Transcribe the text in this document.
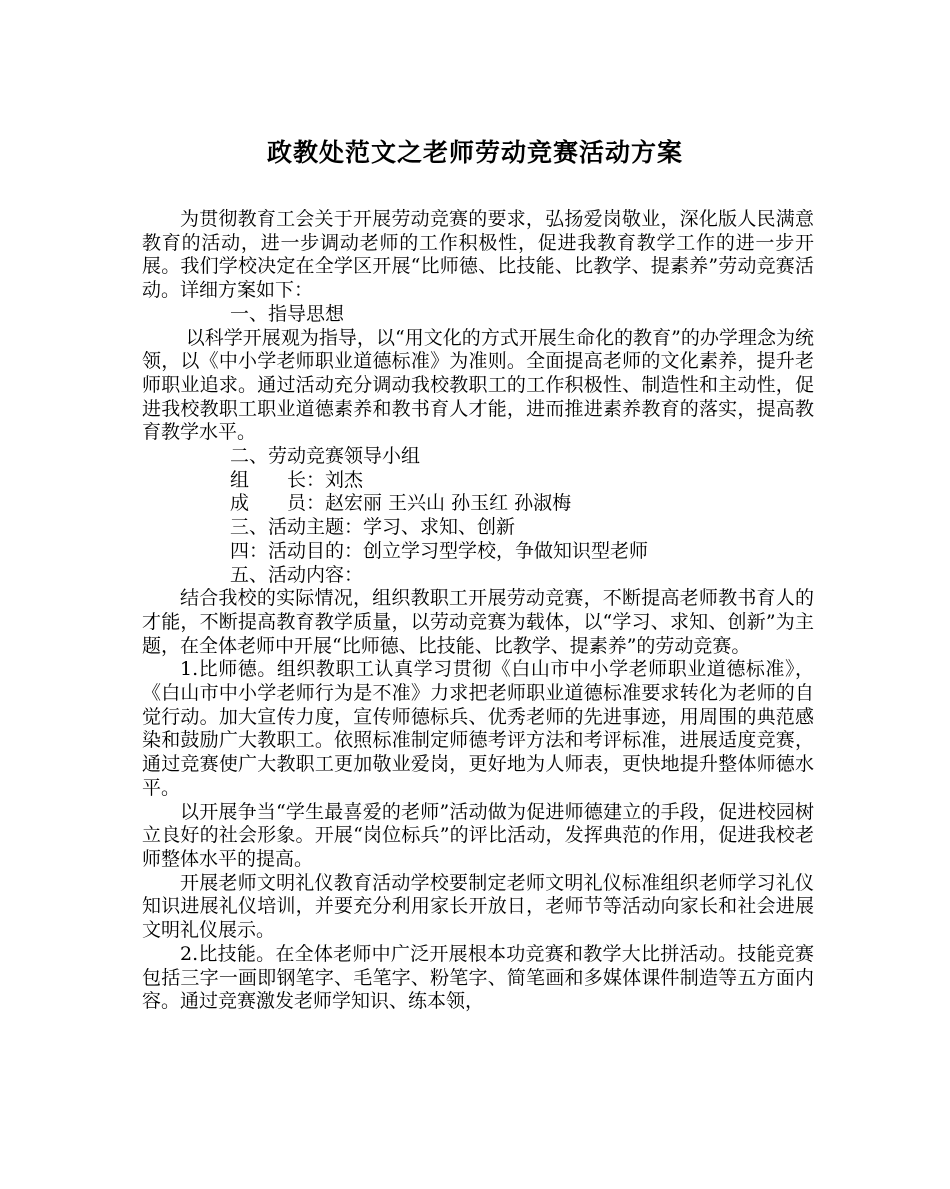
政教处范文之老师劳动竞赛活动方案

为贯彻教育工会关于开展劳动竞赛的要求，弘扬爱岗敬业，深化版人民满意教育的活动，进一步调动老师的工作积极性，促进我教育教学工作的进一步开展。我们学校决定在全学区开展“比师德、比技能、比教学、提素养”劳动竞赛活动。详细方案如下：

一、指导思想

以科学开展观为指导，以“用文化的方式开展生命化的教育”的办学理念为统领，以《中小学老师职业道德标准》为准则。全面提高老师的文化素养，提升老师职业追求。通过活动充分调动我校教职工的工作积极性、制造性和主动性，促进我校教职工职业道德素养和教书育人才能，进而推进素养教育的落实，提高教育教学水平。

二、劳动竞赛领导小组

组　　长：刘杰

成　　员：赵宏丽 王兴山 孙玉红 孙淑梅

三、活动主题：学习、求知、创新

四：活动目的：创立学习型学校，争做知识型老师

五、活动内容：

结合我校的实际情况，组织教职工开展劳动竞赛，不断提高老师教书育人的才能，不断提高教育教学质量，以劳动竞赛为载体，以“学习、求知、创新”为主题，在全体老师中开展“比师德、比技能、比教学、提素养”的劳动竞赛。

1.比师德。组织教职工认真学习贯彻《白山市中小学老师职业道德标准》，《白山市中小学老师行为是不准》力求把老师职业道德标准要求转化为老师的自觉行动。加大宣传力度，宣传师德标兵、优秀老师的先进事迹，用周围的典范感染和鼓励广大教职工。依照标准制定师德考评方法和考评标准，进展适度竞赛，通过竞赛使广大教职工更加敬业爱岗，更好地为人师表，更快地提升整体师德水平。

以开展争当“学生最喜爱的老师”活动做为促进师德建立的手段，促进校园树立良好的社会形象。开展“岗位标兵”的评比活动，发挥典范的作用，促进我校老师整体水平的提高。

开展老师文明礼仪教育活动学校要制定老师文明礼仪标准组织老师学习礼仪知识进展礼仪培训，并要充分利用家长开放日，老师节等活动向家长和社会进展文明礼仪展示。

2.比技能。在全体老师中广泛开展根本功竞赛和教学大比拼活动。技能竞赛包括三字一画即钢笔字、毛笔字、粉笔字、简笔画和多媒体课件制造等五方面内容。通过竞赛激发老师学知识、练本领，
